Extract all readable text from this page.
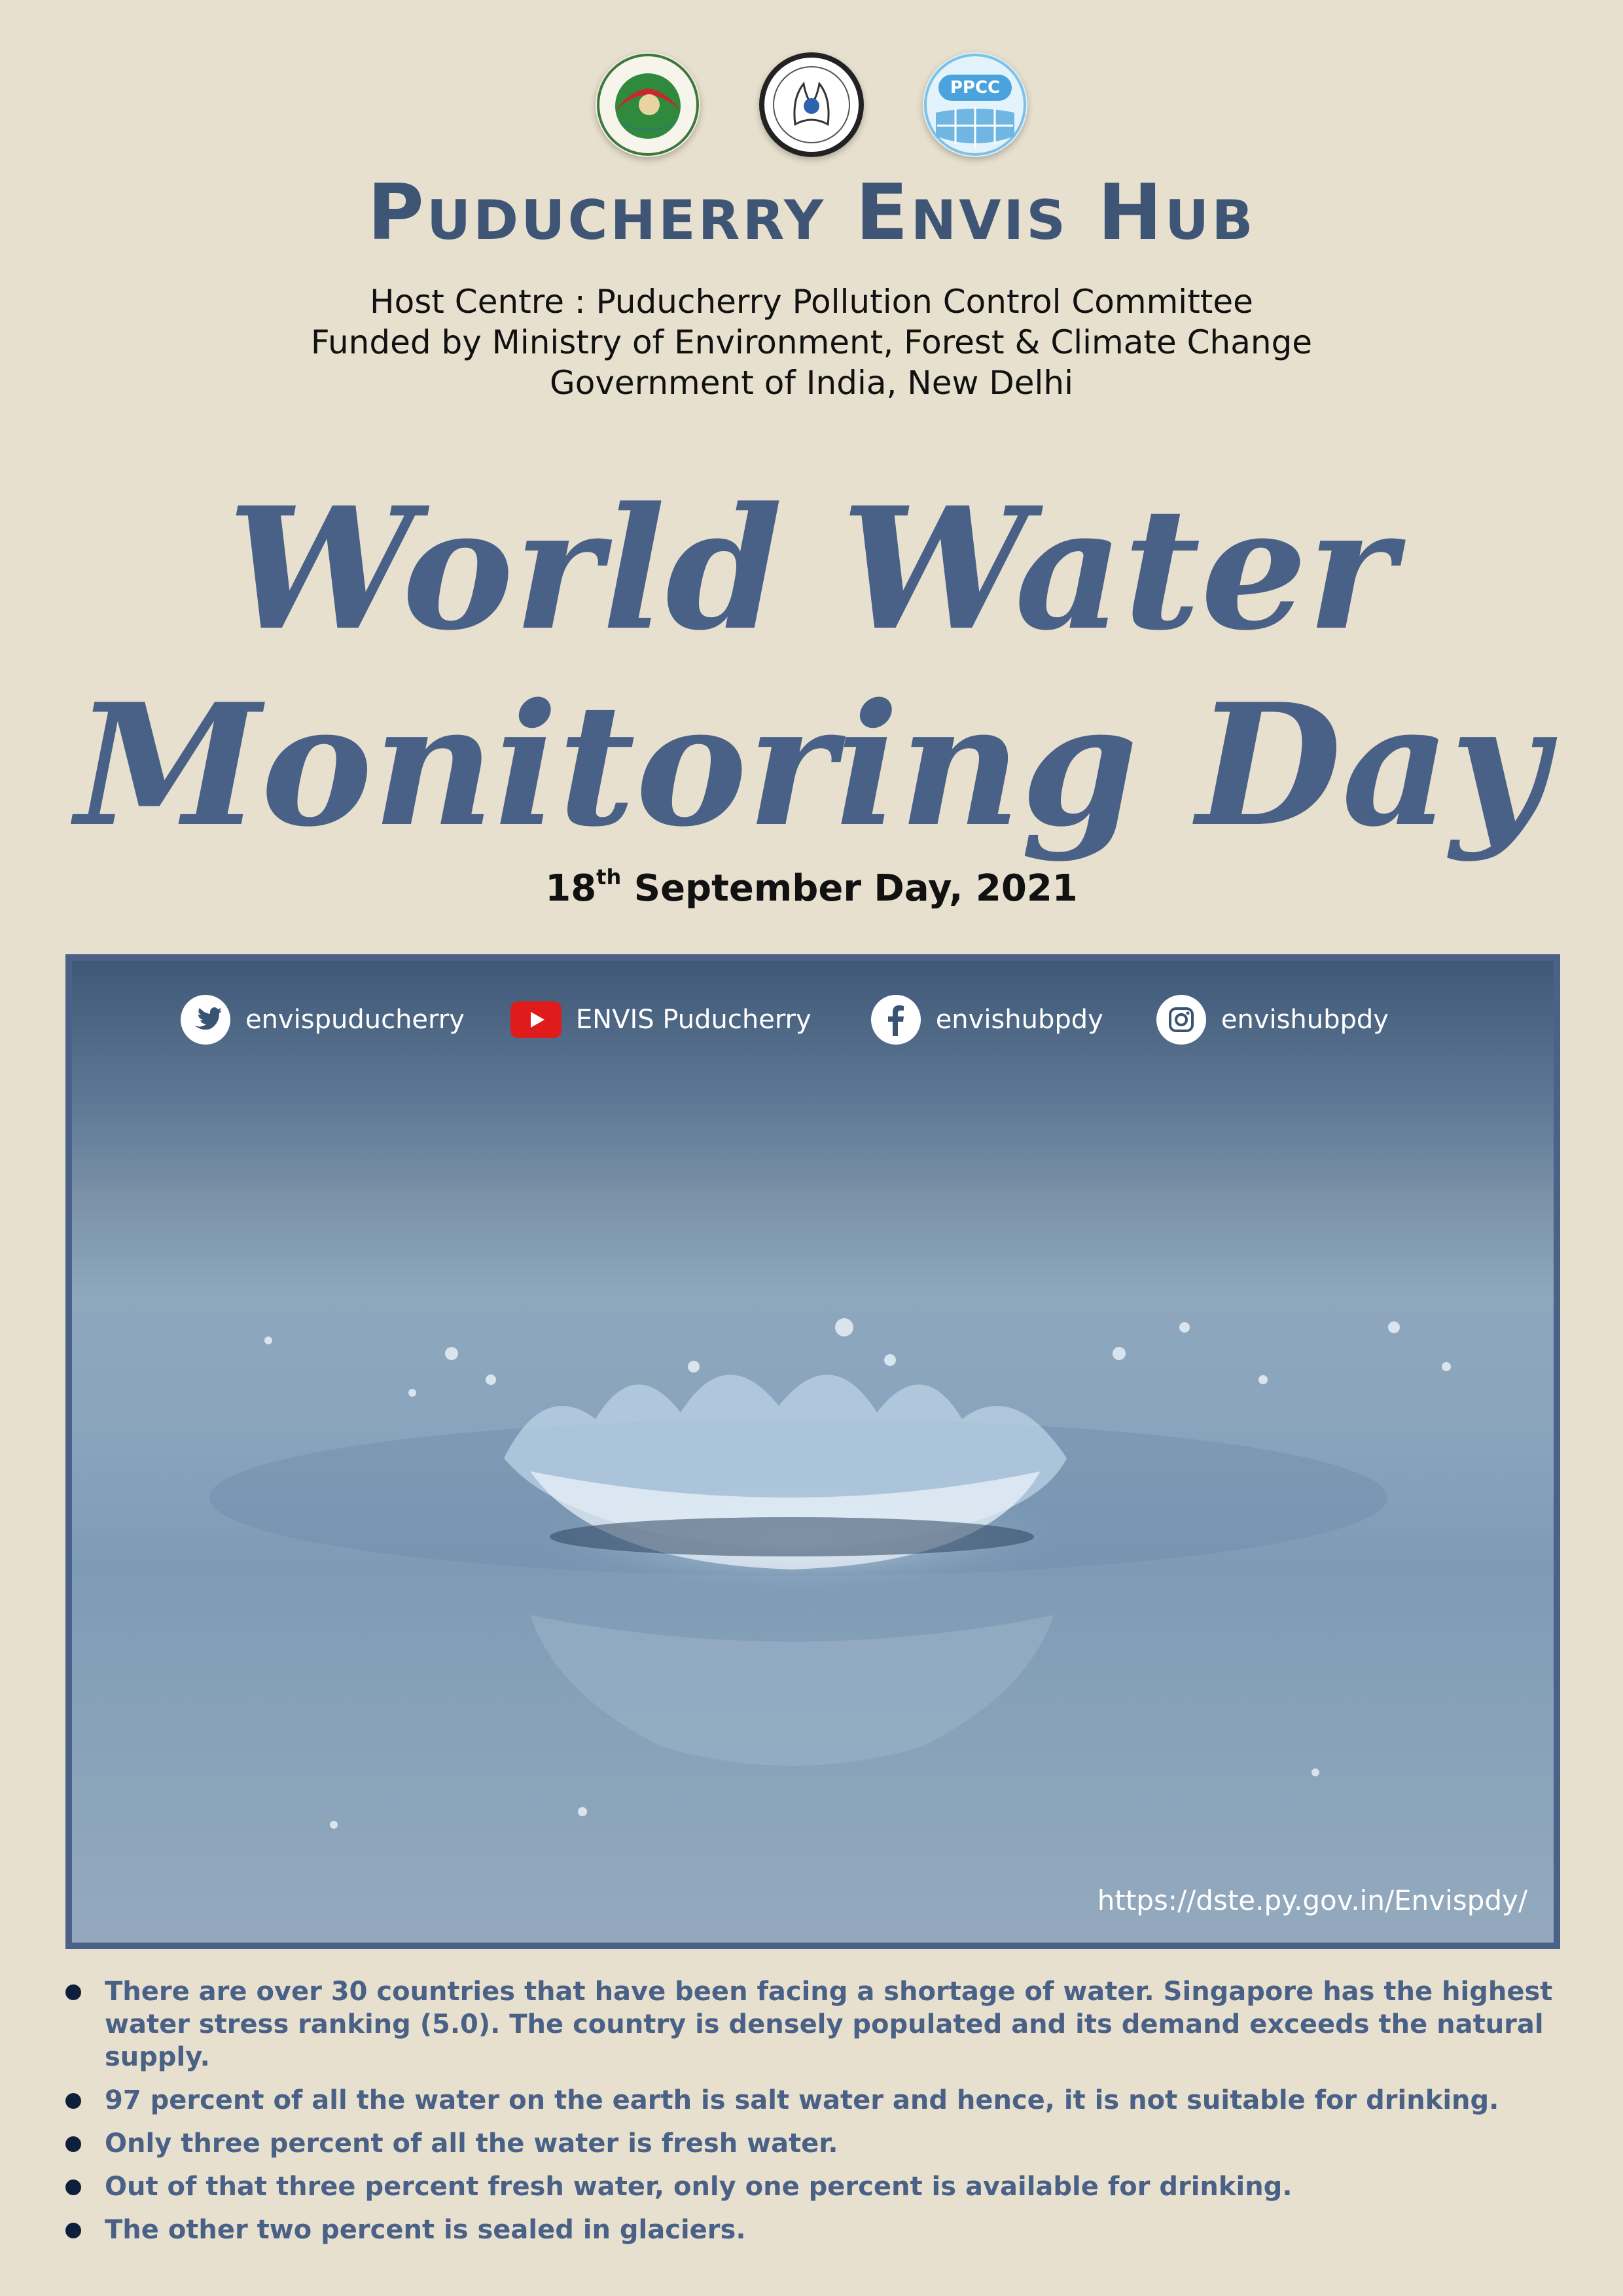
PPCC
Puducherry Envis Hub
Host Centre : Puducherry Pollution Control Committee
Funded by Ministry of Environment, Forest & Climate Change
Government of India, New Delhi
World Water
Monitoring Day
18th September Day, 2021
envispuducherry	ENVIS Puducherry	envishubpdy	envishubpdy
https://dste.py.gov.in/Envispdy/
There are over 30 countries that have been facing a shortage of water. Singapore has the highest water stress ranking (5.0). The country is densely populated and its demand exceeds the natural supply.
97 percent of all the water on the earth is salt water and hence, it is not suitable for drinking.
Only three percent of all the water is fresh water.
Out of that three percent fresh water, only one percent is available for drinking.
The other two percent is sealed in glaciers.
